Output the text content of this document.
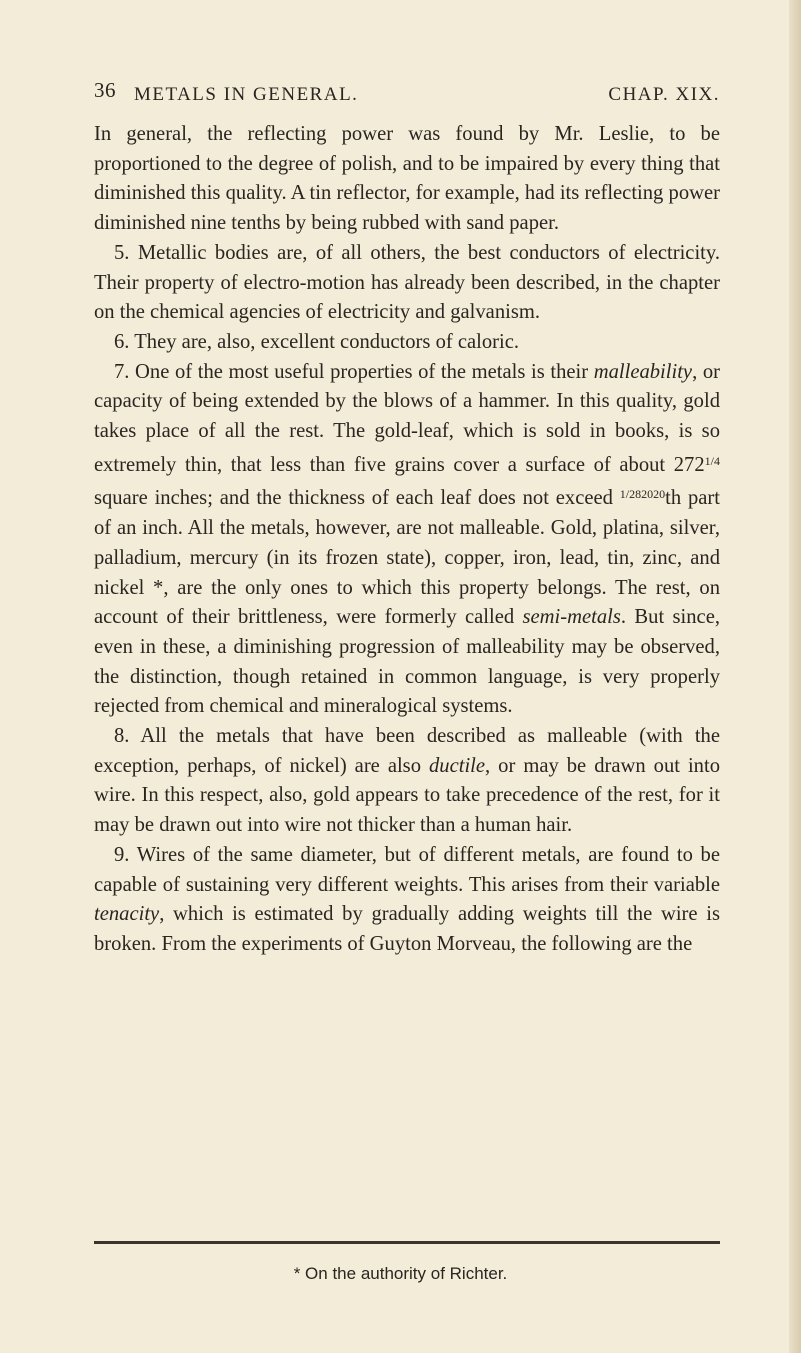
36 METALS IN GENERAL.	CHAP. XIX.

In general, the reflecting power was found by Mr. Leslie, to be proportioned to the degree of polish, and to be impaired by every thing that diminished this quality. A tin reflector, for example, had its reflecting power diminished nine tenths by being rubbed with sand paper.

5. Metallic bodies are, of all others, the best conductors of electricity. Their property of electro-motion has already been described, in the chapter on the chemical agencies of electricity and galvanism.

6. They are, also, excellent conductors of caloric.

7. One of the most useful properties of the metals is their malleability, or capacity of being extended by the blows of a hammer. In this quality, gold takes place of all the rest. The gold-leaf, which is sold in books, is so extremely thin, that less than five grains cover a surface of about $272^{1/4}$ square inches; and the thickness of each leaf does not exceed $^{1/282020}$th part of an inch. All the metals, however, are not malleable. Gold, platina, silver, palladium, mercury (in its frozen state), copper, iron, lead, tin, zinc, and nickel *, are the only ones to which this property belongs. The rest, on account of their brittleness, were formerly called semi-metals. But since, even in these, a diminishing progression of malleability may be observed, the distinction, though retained in common language, is very properly rejected from chemical and mineralogical systems.

8. All the metals that have been described as malleable (with the exception, perhaps, of nickel) are also ductile, or may be drawn out into wire. In this respect, also, gold appears to take precedence of the rest, for it may be drawn out into wire not thicker than a human hair.

9. Wires of the same diameter, but of different metals, are found to be capable of sustaining very different weights. This arises from their variable tenacity, which is estimated by gradually adding weights till the wire is broken. From the experiments of Guyton Morveau, the following are the

* On the authority of Richter.
